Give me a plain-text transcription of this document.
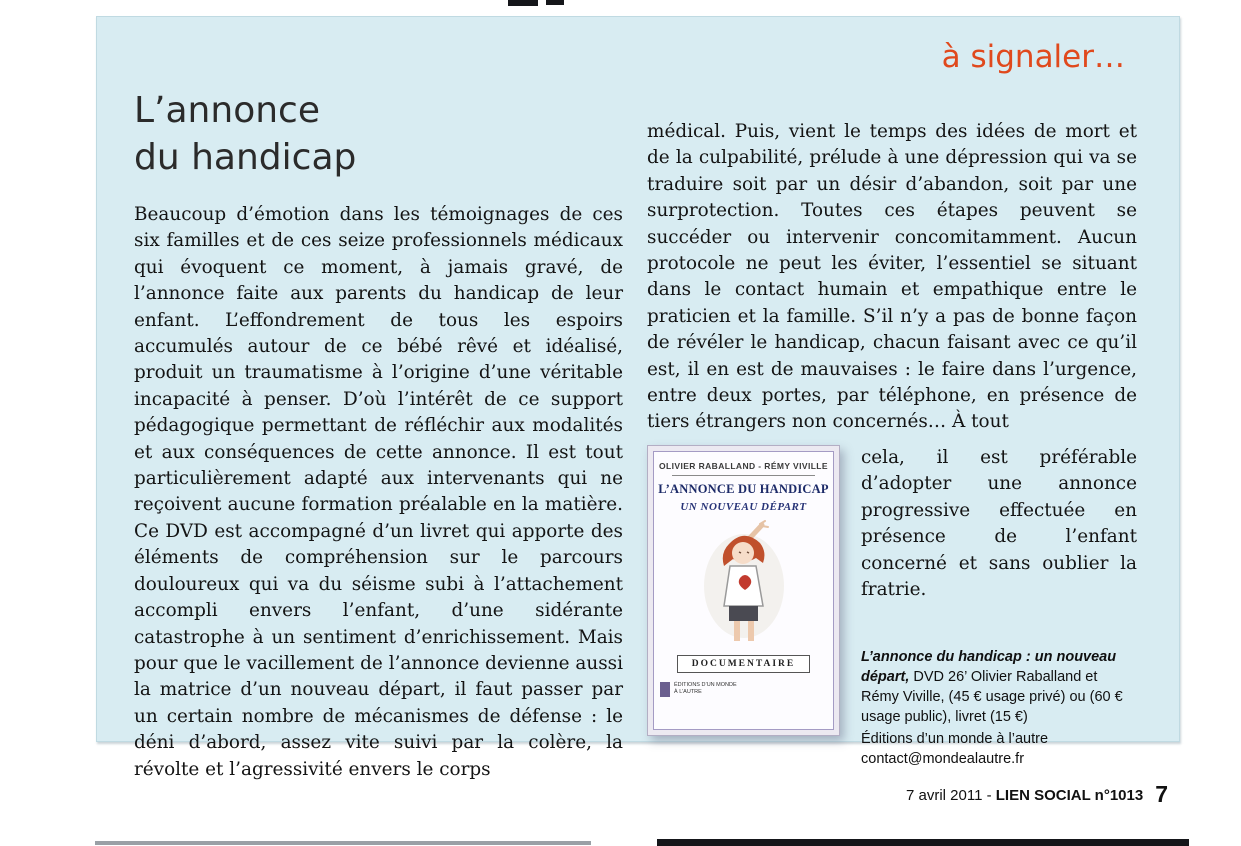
à signaler…
L’annonce
du handicap

Beaucoup d’émotion dans les témoignages de ces six familles et de ces seize professionnels médicaux qui évoquent ce moment, à jamais gravé, de l’annonce faite aux parents du handicap de leur enfant. L’effondrement de tous les espoirs accumulés autour de ce bébé rêvé et idéalisé, produit un traumatisme à l’origine d’une véritable incapacité à penser. D’où l’intérêt de ce support pédagogique permettant de réfléchir aux modalités et aux conséquences de cette annonce. Il est tout particulièrement adapté aux intervenants qui ne reçoivent aucune formation préalable en la matière. Ce DVD est accompagné d’un livret qui apporte des éléments de compréhension sur le parcours douloureux qui va du séisme subi à l’attachement accompli envers l’enfant, d’une sidérante catastrophe à un sentiment d’enrichissement. Mais pour que le vacillement de l’annonce devienne aussi la matrice d’un nouveau départ, il faut passer par un certain nombre de mécanismes de défense : le déni d’abord, assez vite suivi par la colère, la révolte et l’agressivité envers le corps

médical. Puis, vient le temps des idées de mort et de la culpabilité, prélude à une dépression qui va se traduire soit par un désir d’abandon, soit par une surprotection. Toutes ces étapes peuvent se succéder ou intervenir concomitamment. Aucun protocole ne peut les éviter, l’essentiel se situant dans le contact humain et empathique entre le praticien et la famille. S’il n’y a pas de bonne façon de révéler le handicap, chacun faisant avec ce qu’il est, il en est de mauvaises : le faire dans l’urgence, entre deux portes, par téléphone, en présence de tiers étrangers non concernés… À tout

OLIVIER RABALLAND - RÉMY VIVILLE
L’ANNONCE DU HANDICAP
UN NOUVEAU DÉPART
DOCUMENTAIRE
ÉDITIONS D’UN MONDE À L’AUTRE

cela, il est préférable d’adopter une annonce progressive effectuée en présence de l’enfant concerné et sans oublier la fratrie.

L’annonce du handicap : un nouveau départ, DVD 26’ Olivier Raballand et Rémy Viville, (45 € usage privé) ou (60 € usage public), livret (15 €)

Éditions d’un monde à l’autre
contact@mondealautre.fr
7 avril 2011 - LIEN SOCIAL n°1013 7
